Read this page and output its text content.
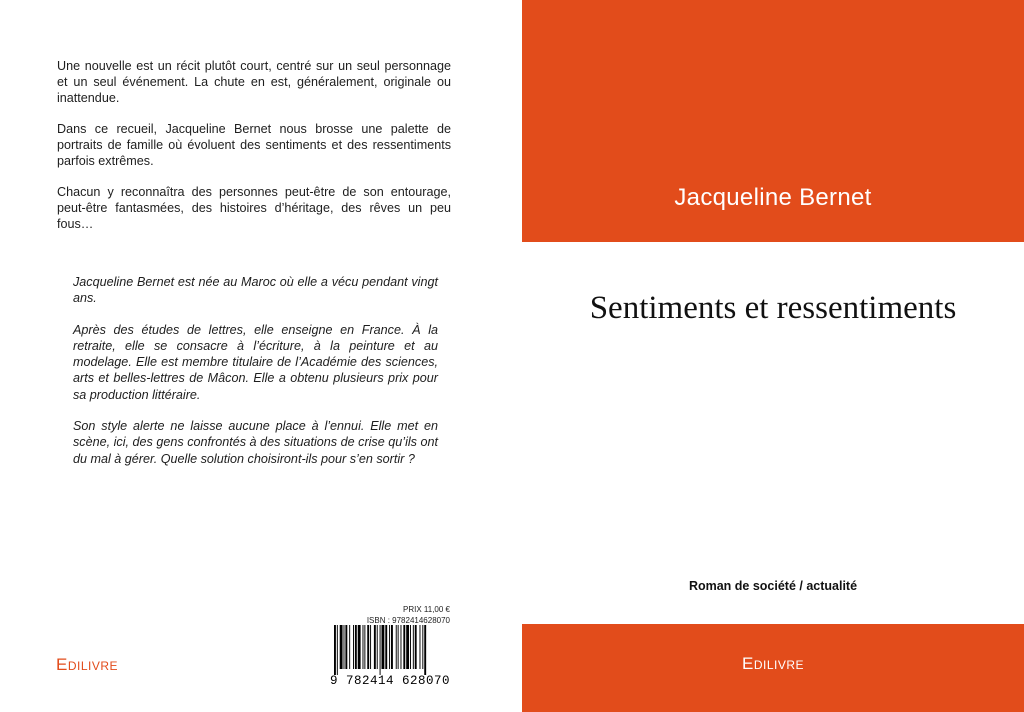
Une nouvelle est un récit plutôt court, centré sur un seul personnage et un seul événement. La chute en est, généralement, originale ou inattendue.

Dans ce recueil, Jacqueline Bernet nous brosse une palette de portraits de famille où évoluent des sentiments et des ressentiments parfois extrêmes.

Chacun y reconnaîtra des personnes peut-être de son entourage, peut-être fantasmées, des histoires d’héritage, des rêves un peu fous…

Jacqueline Bernet est née au Maroc où elle a vécu pendant vingt ans.

Après des études de lettres, elle enseigne en France. À la retraite, elle se consacre à l’écriture, à la peinture et au modelage. Elle est membre titulaire de l’Académie des sciences, arts et belles-lettres de Mâcon. Elle a obtenu plusieurs prix pour sa production littéraire.

Son style alerte ne laisse aucune place à l’ennui. Elle met en scène, ici, des gens confrontés à des situations de crise qu’ils ont du mal à gérer. Quelle solution choisiront-ils pour s’en sortir ?

PRIX 11,00 €
ISBN : 9782414628070
9 782414 628070
Edilivre
Jacqueline Bernet
Sentiments et ressentiments
Roman de société / actualité
Edilivre
